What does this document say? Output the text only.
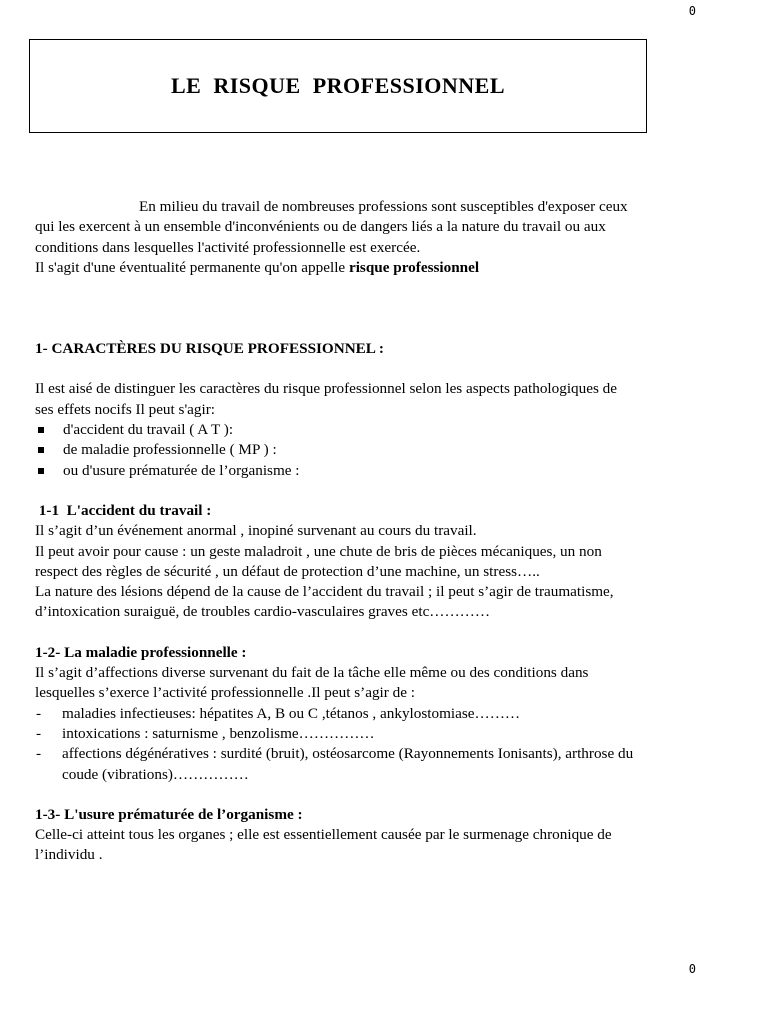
0
LE  RISQUE  PROFESSIONNEL

En milieu du travail de nombreuses professions sont susceptibles d'exposer ceux qui les exercent à un ensemble d'inconvénients ou de dangers liés a la nature du travail ou aux conditions dans lesquelles l'activité professionnelle est exercée.

Il s'agit d'une éventualité permanente qu'on appelle risque professionnel

1- CARACTÈRES DU RISQUE PROFESSIONNEL :

Il est aisé de distinguer les caractères du risque professionnel selon les aspects pathologiques de ses effets nocifs Il peut s'agir:

d'accident du travail ( A T ):
de maladie professionnelle ( MP ) :
ou d'usure prématurée de l’organisme :

1-1  L'accident du travail :

Il s’agit d’un événement anormal , inopiné survenant au cours du travail.

Il peut avoir pour cause : un geste maladroit , une chute de bris de pièces mécaniques, un non respect des règles de sécurité , un défaut de protection d’une machine, un stress…..

La nature des lésions dépend de la cause de l’accident du travail ; il peut s’agir de traumatisme, d’intoxication suraiguë, de troubles cardio-vasculaires graves etc…………

1-2- La maladie professionnelle :

Il s’agit d’affections diverse survenant du fait de la tâche elle même ou des conditions dans lesquelles s’exerce l’activité professionnelle .Il peut s’agir de :

- maladies infectieuses: hépatites A, B ou C ,tétanos , ankylostomiase………
- intoxications : saturnisme , benzolisme……………
- affections dégénératives : surdité (bruit), ostéosarcome (Rayonnements Ionisants), arthrose du coude (vibrations)……………

1-3- L'usure prématurée de l’organisme :

Celle-ci atteint tous les organes ; elle est essentiellement causée par le surmenage chronique de l’individu .

0
